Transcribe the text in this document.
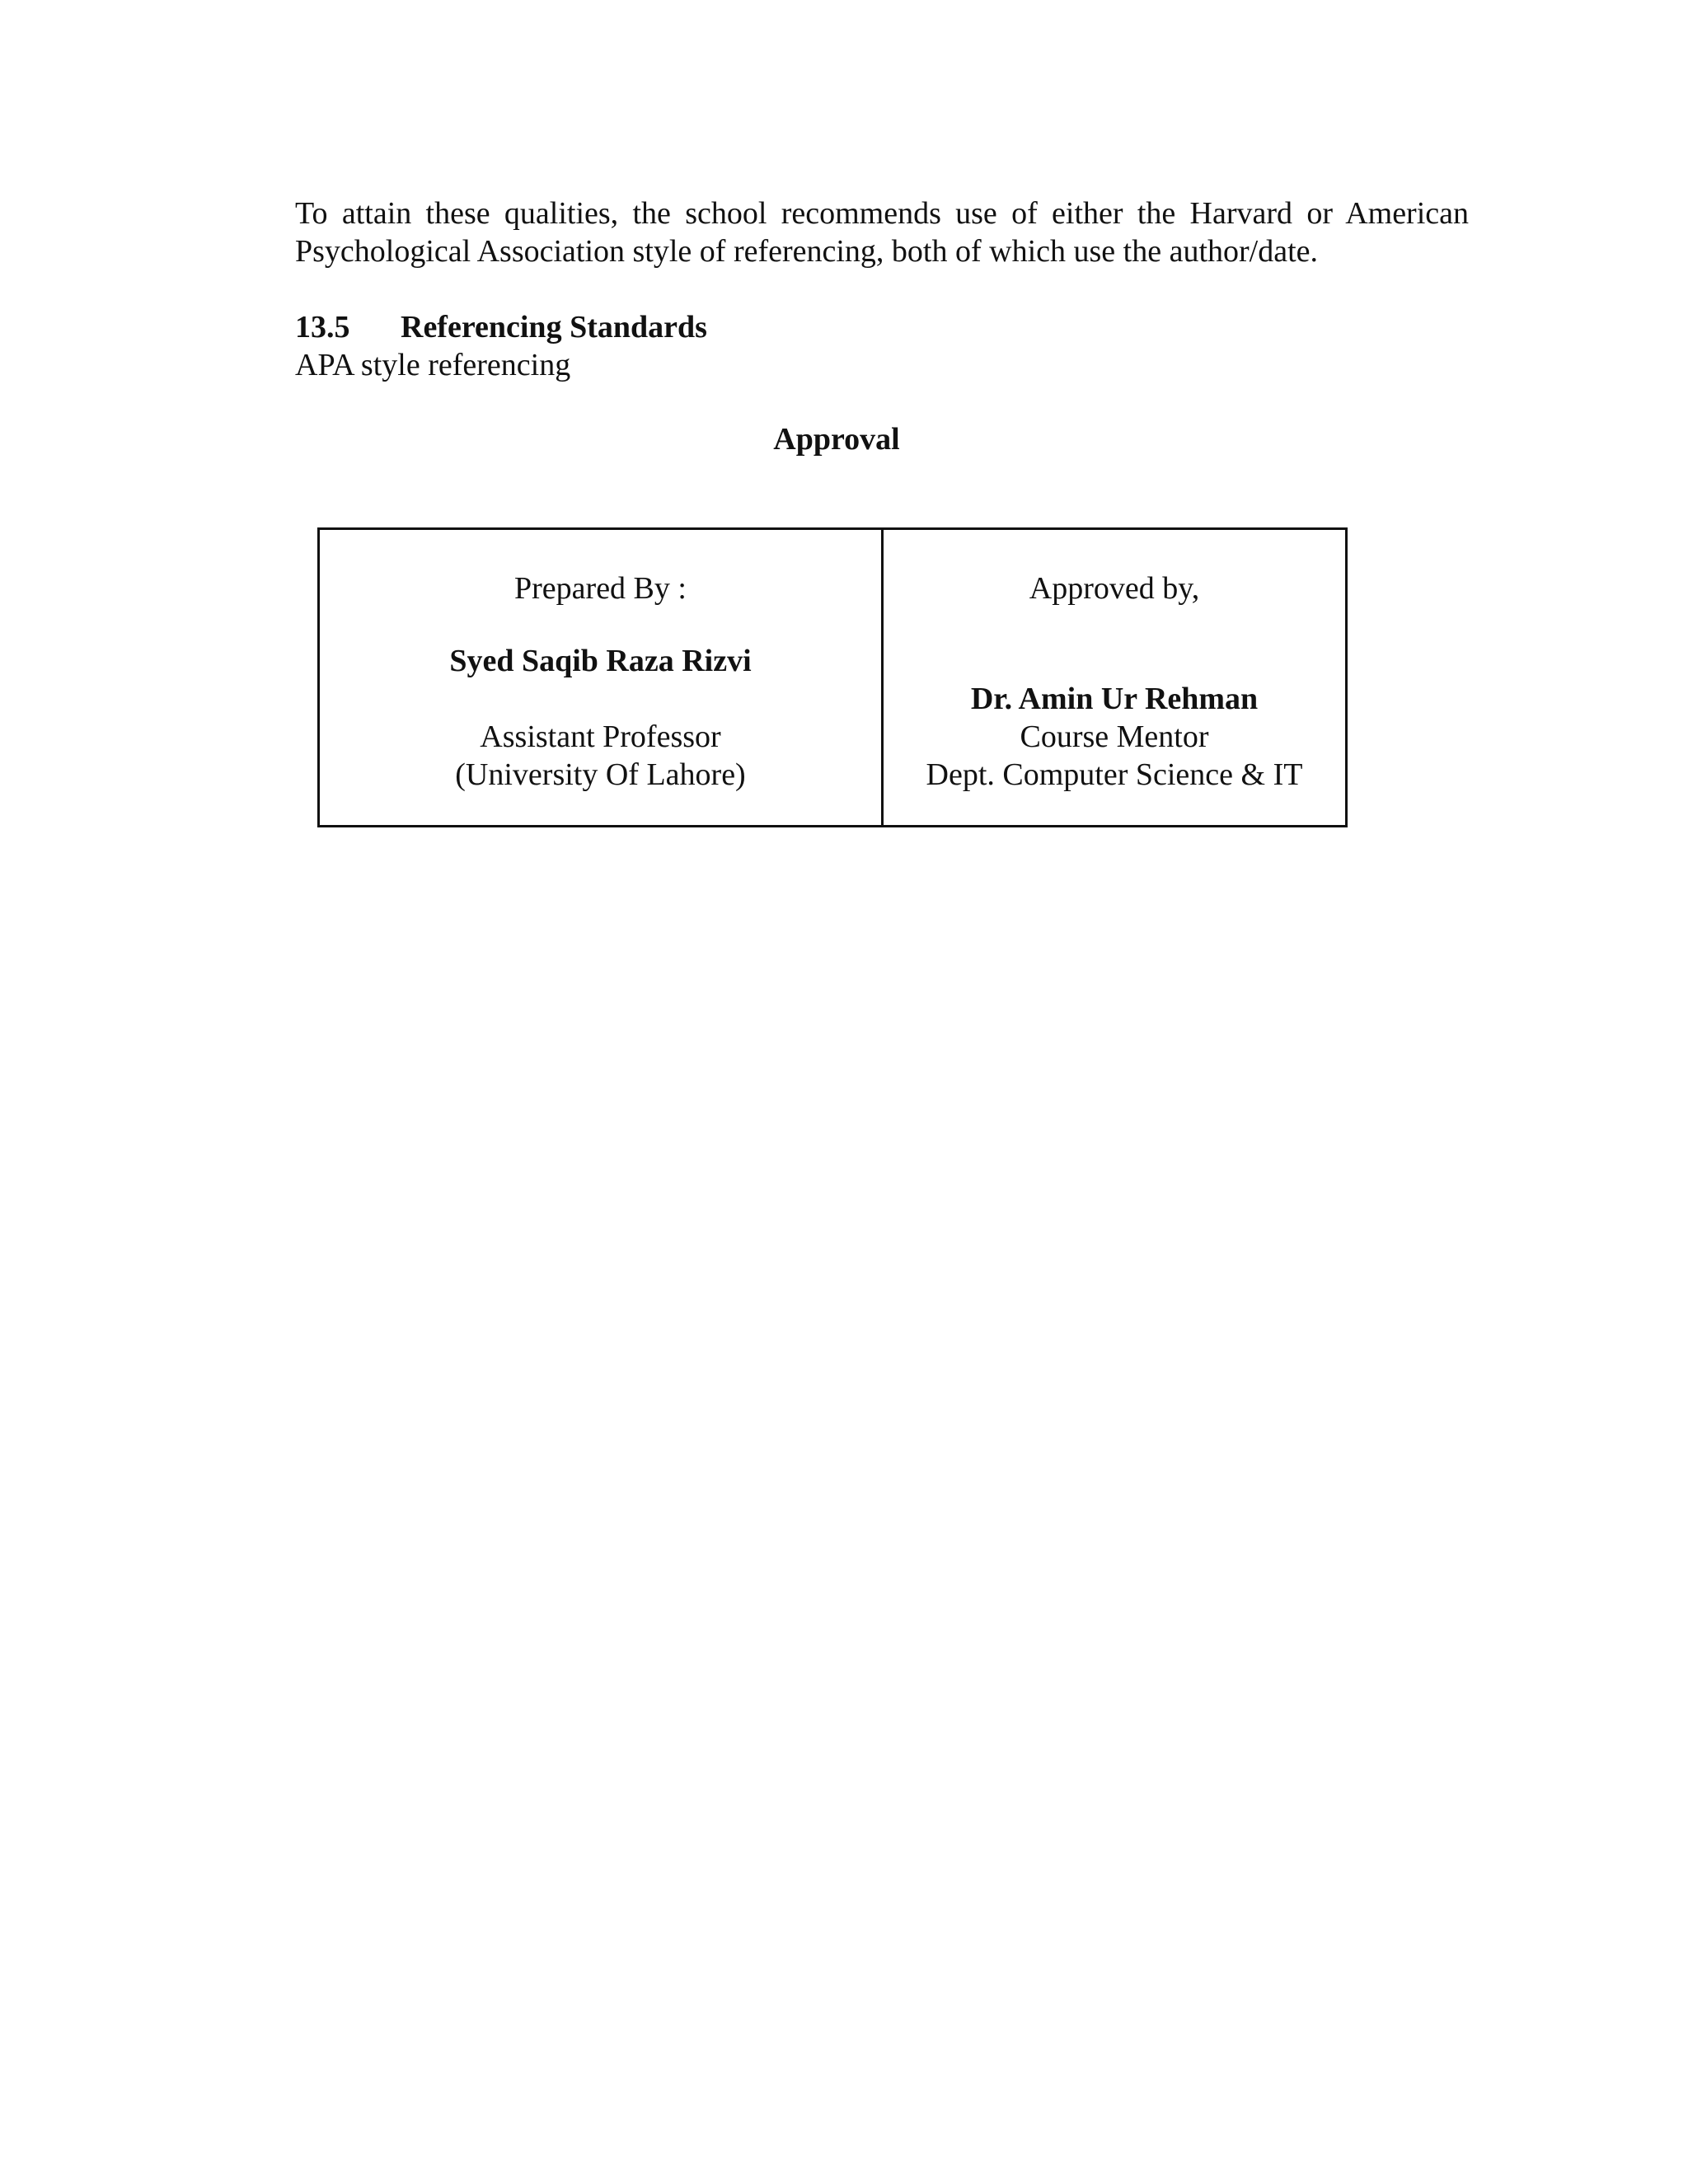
To attain these qualities, the school recommends use of either the Harvard or American
Psychological Association style of referencing, both of which use the author/date.

13.5 Referencing Standards

APA style referencing

Approval
Prepared By :
Syed Saqib Raza Rizvi
Assistant Professor
(University Of Lahore)
Approved by,
Dr. Amin Ur Rehman
Course Mentor
Dept. Computer Science & IT
